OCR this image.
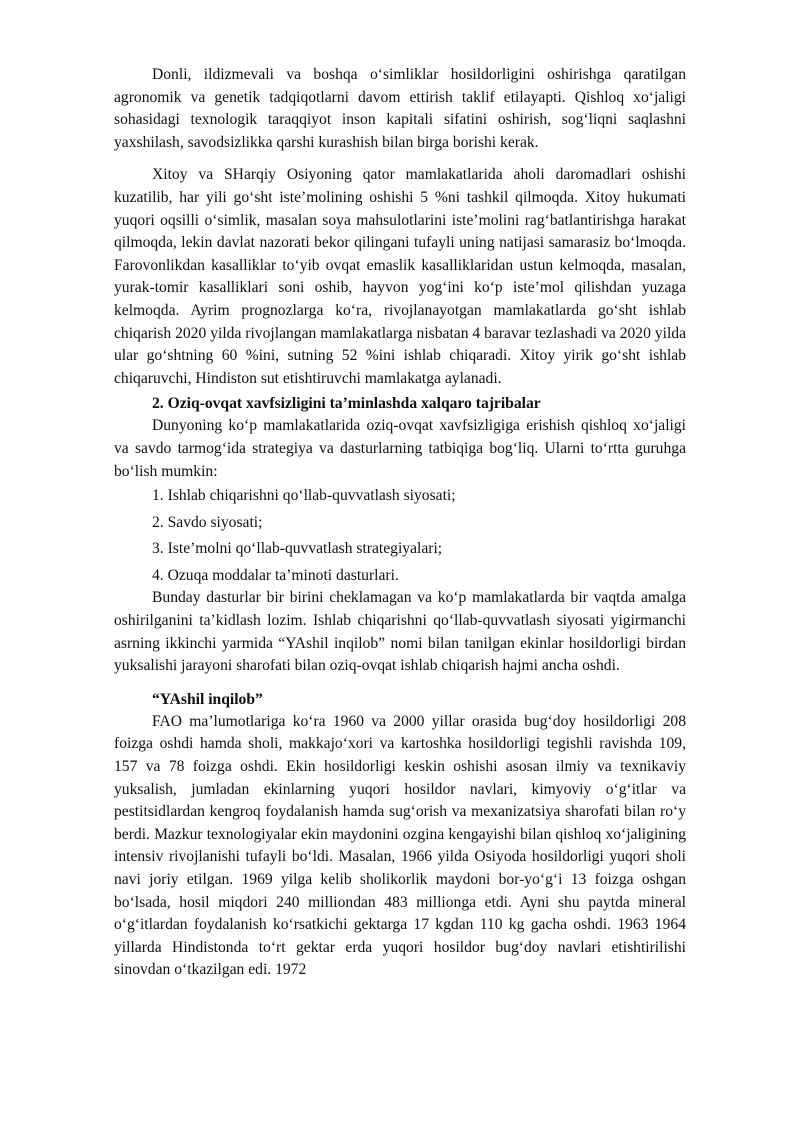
Donli, ildizmevali va boshqa o‘simliklar hosildorligini oshirishga qaratilgan agronomik va genetik tadqiqotlarni davom ettirish taklif etilayapti. Qishloq xo‘jaligi sohasidagi texnologik taraqqiyot inson kapitali sifatini oshirish, sog‘liqni saqlashni yaxshilash, savodsizlikka qarshi kurashish bilan birga borishi kerak.

Xitoy va SHarqiy Osiyoning qator mamlakatlarida aholi daromadlari oshishi kuzatilib, har yili go‘sht iste’molining oshishi 5 %ni tashkil qilmoqda. Xitoy hukumati yuqori oqsilli o‘simlik, masalan soya mahsulotlarini iste’molini rag‘batlantirishga harakat qilmoqda, lekin davlat nazorati bekor qilingani tufayli uning natijasi samarasiz bo‘lmoqda. Farovonlikdan kasalliklar to‘yib ovqat emaslik kasalliklaridan ustun kelmoqda, masalan, yurak-tomir kasalliklari soni oshib, hayvon yog‘ini ko‘p iste’mol qilishdan yuzaga kelmoqda. Ayrim prognozlarga ko‘ra, rivojlanayotgan mamlakatlarda go‘sht ishlab chiqarish 2020 yilda rivojlangan mamlakatlarga nisbatan 4 baravar tezlashadi va 2020 yilda ular go‘shtning 60 %ini, sutning 52 %ini ishlab chiqaradi. Xitoy yirik go‘sht ishlab chiqaruvchi, Hindiston sut etishtiruvchi mamlakatga aylanadi.

2. Oziq-ovqat xavfsizligini ta’minlashda xalqaro tajribalar

Dunyoning ko‘p mamlakatlarida oziq-ovqat xavfsizligiga erishish qishloq xo‘jaligi va savdo tarmog‘ida strategiya va dasturlarning tatbiqiga bog‘liq. Ularni to‘rtta guruhga bo‘lish mumkin:

1. Ishlab chiqarishni qo‘llab-quvvatlash siyosati;
2. Savdo siyosati;
3. Iste’molni qo‘llab-quvvatlash strategiyalari;
4. Ozuqa moddalar ta’minoti dasturlari.

Bunday dasturlar bir birini cheklamagan va ko‘p mamlakatlarda bir vaqtda amalga oshirilganini ta’kidlash lozim. Ishlab chiqarishni qo‘llab-quvvatlash siyosati yigirmanchi asrning ikkinchi yarmida “YAshil inqilob” nomi bilan tanilgan ekinlar hosildorligi birdan yuksalishi jarayoni sharofati bilan oziq-ovqat ishlab chiqarish hajmi ancha oshdi.

“YAshil inqilob”

FAO ma’lumotlariga ko‘ra 1960 va 2000 yillar orasida bug‘doy hosildorligi 208 foizga oshdi hamda sholi, makkajo‘xori va kartoshka hosildorligi tegishli ravishda 109, 157 va 78 foizga oshdi. Ekin hosildorligi keskin oshishi asosan ilmiy va texnikaviy yuksalish, jumladan ekinlarning yuqori hosildor navlari, kimyoviy o‘g‘itlar va pestitsidlardan kengroq foydalanish hamda sug‘orish va mexanizatsiya sharofati bilan ro‘y berdi. Mazkur texnologiyalar ekin maydonini ozgina kengayishi bilan qishloq xo‘jaligining intensiv rivojlanishi tufayli bo‘ldi. Masalan, 1966 yilda Osiyoda hosildorligi yuqori sholi navi joriy etilgan. 1969 yilga kelib sholikorlik maydoni bor-yo‘g‘i 13 foizga oshgan bo‘lsada, hosil miqdori 240 milliondan 483 millionga etdi. Ayni shu paytda mineral o‘g‘itlardan foydalanish ko‘rsatkichi gektarga 17 kgdan 110 kg gacha oshdi. 1963 1964 yillarda Hindistonda to‘rt gektar erda yuqori hosildor bug‘doy navlari etishtirilishi sinovdan o‘tkazilgan edi. 1972
